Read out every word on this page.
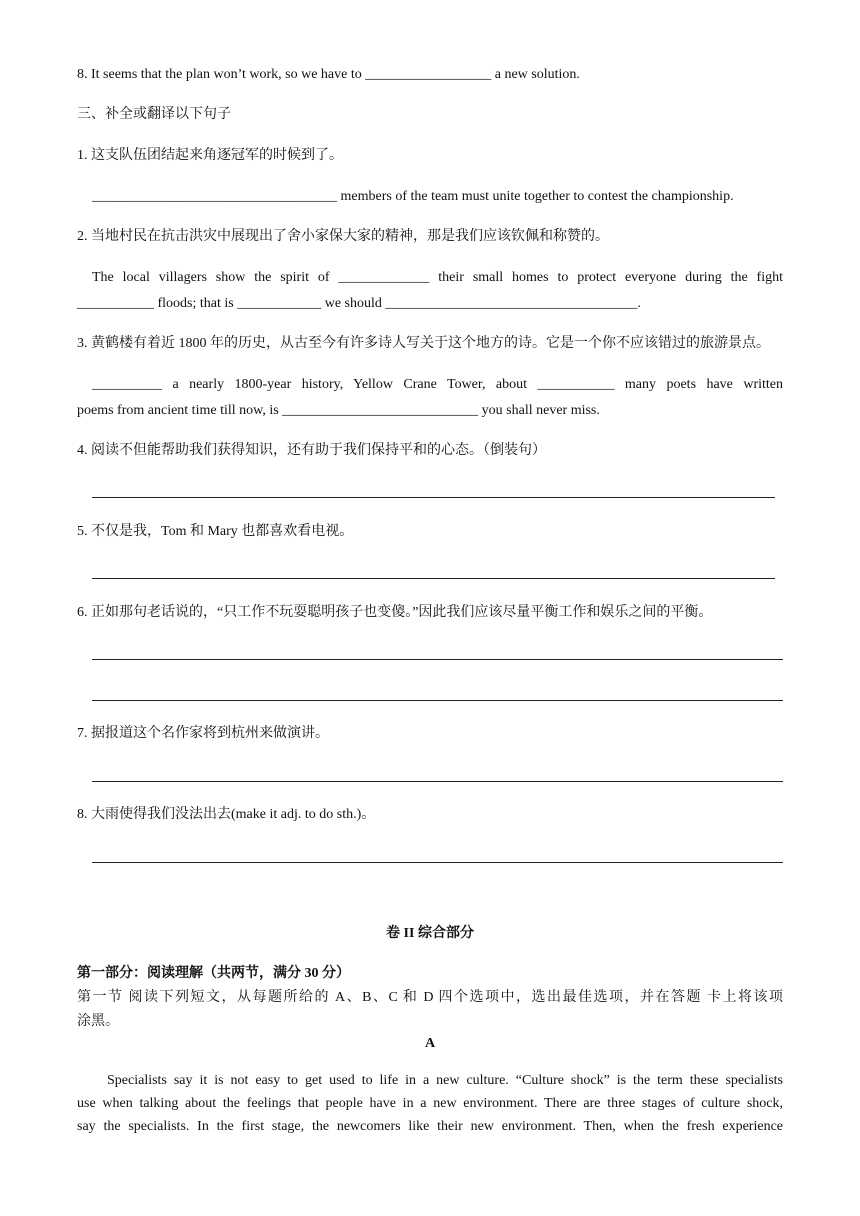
8. It seems that the plan won’t work, so we have to __________________ a new solution.
三、补全或翻译以下句子
1. 这支队伍团结起来角逐冠军的时候到了。
___________________________________ members of the team must unite together to contest the championship.
2. 当地村民在抗击洪灾中展现出了舍小家保大家的精神，那是我们应该钦佩和称赞的。
The local villagers show the spirit of _____________ their small homes to protect everyone during the fight
___________ floods; that is ____________ we should ____________________________________.
3. 黄鹤楼有着近 1800 年的历史，从古至今有许多诗人写关于这个地方的诗。它是一个你不应该错过的旅游景点。
__________ a nearly 1800-year history, Yellow Crane Tower, about ___________ many poets have written
poems from ancient time till now, is ____________________________ you shall never miss.
4. 阅读不但能帮助我们获得知识，还有助于我们保持平和的心态。（倒装句）
5. 不仅是我，Tom 和 Mary 也都喜欢看电视。
6. 正如那句老话说的，“只工作不玩耍聪明孩子也变傻。”因此我们应该尽量平衡工作和娱乐之间的平衡。
7. 据报道这个名作家将到杭州来做演讲。
8. 大雨使得我们没法出去(make it adj. to do sth.)。
卷 II 综合部分
第一部分：阅读理解（共两节，满分 30 分）
第一节 阅读下列短文，从每题所给的 A、B、C 和 D 四个选项中，选出最佳选项，并在答题 卡上将该项
涂黑。
A
Specialists say it is not easy to get used to life in a new culture. “Culture shock” is the term these specialists
use when talking about the feelings that people have in a new environment. There are three stages of culture shock,
say the specialists. In the first stage, the newcomers like their new environment. Then, when the fresh experience
